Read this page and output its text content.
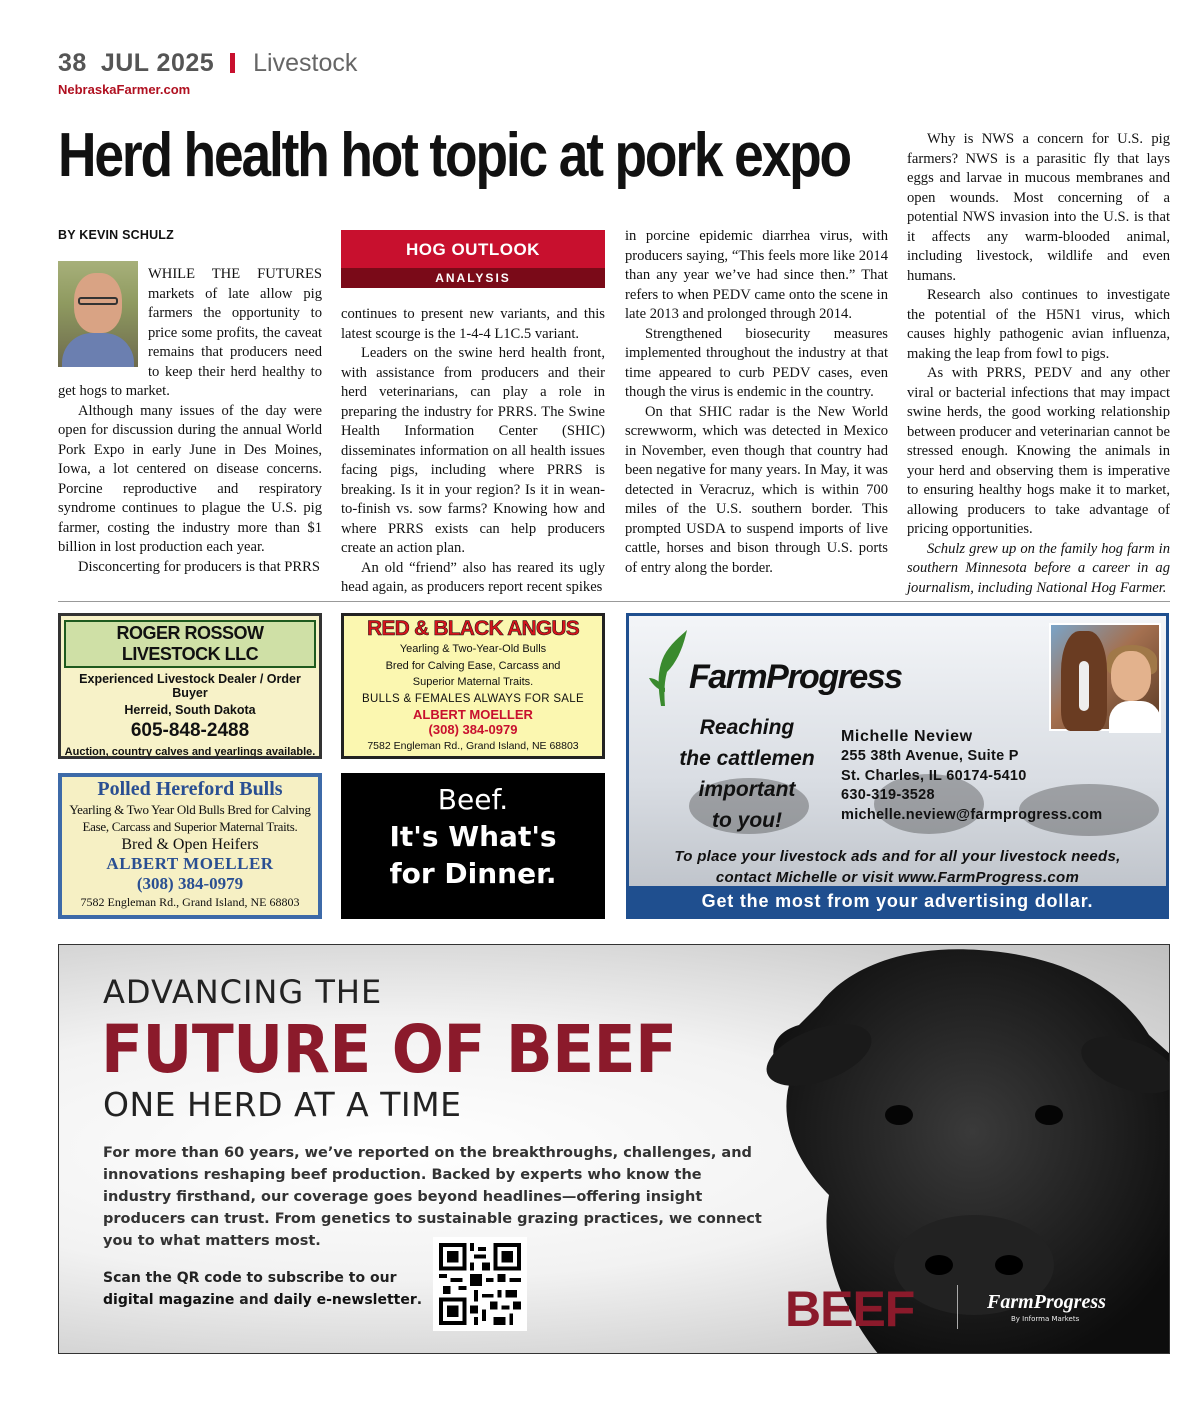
38 JUL 2025 Livestock
NebraskaFarmer.com
Herd health hot topic at pork expo
BY KEVIN SCHULZ

WHILE THE FUTURES markets of late allow pig farmers the opportunity to price some profits, the caveat remains that producers need to keep their herd healthy to get hogs to market.

Although many issues of the day were open for discussion during the annual World Pork Expo in early June in Des Moines, Iowa, a lot centered on disease concerns. Porcine reproductive and respiratory syndrome continues to plague the U.S. pig farmer, costing the industry more than $1 billion in lost production each year.

Disconcerting for producers is that PRRS

HOG OUTLOOK
ANALYSIS

continues to present new variants, and this latest scourge is the 1-4-4 L1C.5 variant.

Leaders on the swine herd health front, with assistance from producers and their herd veterinarians, can play a role in preparing the industry for PRRS. The Swine Health Information Center (SHIC) disseminates information on all health issues facing pigs, including where PRRS is breaking. Is it in your region? Is it in wean-to-finish vs. sow farms? Knowing how and where PRRS exists can help producers create an action plan.

An old “friend” also has reared its ugly head again, as producers report recent spikes

in porcine epidemic diarrhea virus, with producers saying, “This feels more like 2014 than any year we’ve had since then.” That refers to when PEDV came onto the scene in late 2013 and prolonged through 2014.

Strengthened biosecurity measures implemented throughout the industry at that time appeared to curb PEDV cases, even though the virus is endemic in the country.

On that SHIC radar is the New World screwworm, which was detected in Mexico in November, even though that country had been negative for many years. In May, it was detected in Veracruz, which is within 700 miles of the U.S. southern border. This prompted USDA to suspend imports of live cattle, horses and bison through U.S. ports of entry along the border.

Why is NWS a concern for U.S. pig farmers? NWS is a parasitic fly that lays eggs and larvae in mucous membranes and open wounds. Most concerning of a potential NWS invasion into the U.S. is that it affects any warm-blooded animal, including livestock, wildlife and even humans.

Research also continues to investigate the potential of the H5N1 virus, which causes highly pathogenic avian influenza, making the leap from fowl to pigs.

As with PRRS, PEDV and any other viral or bacterial infections that may impact swine herds, the good working relationship between producer and veterinarian cannot be stressed enough. Knowing the animals in your herd and observing them is imperative to ensuring healthy hogs make it to market, allowing producers to take advantage of pricing opportunities.

Schulz grew up on the family hog farm in southern Minnesota before a career in ag journalism, including National Hog Farmer.

ROGER ROSSOW LIVESTOCK LLC
Experienced Livestock Dealer / Order Buyer
Herreid, South Dakota
605-848-2488
Auction, country calves and yearlings available.
RED & BLACK ANGUS
Yearling & Two-Year-Old Bulls
Bred for Calving Ease, Carcass and
Superior Maternal Traits.
BULLS & FEMALES ALWAYS FOR SALE
ALBERT MOELLER
(308) 384-0979
7582 Engleman Rd., Grand Island, NE 68803
Polled Hereford Bulls
Yearling & Two Year Old Bulls Bred for Calving
Ease, Carcass and Superior Maternal Traits.
Bred & Open Heifers
ALBERT MOELLER
(308) 384-0979
7582 Engleman Rd., Grand Island, NE 68803
Beef.
It's What's
for Dinner.
FarmProgress
Reaching
the cattlemen
important
to you!
Michelle Neview
255 38th Avenue, Suite P
St. Charles, IL 60174-5410
630-319-3528
michelle.neview@farmprogress.com
To place your livestock ads and for all your livestock needs,
contact Michelle or visit www.FarmProgress.com
Get the most from your advertising dollar.
ADVANCING THE
FUTURE OF BEEF
ONE HERD AT A TIME
For more than 60 years, we’ve reported on the breakthroughs, challenges, and innovations reshaping beef production. Backed by experts who know the industry firsthand, our coverage goes beyond headlines—offering insight producers can trust. From genetics to sustainable grazing practices, we connect you to what matters most.
Scan the QR code to subscribe to our digital magazine and daily e-newsletter.	BEEF	FarmProgress
By Informa Markets
